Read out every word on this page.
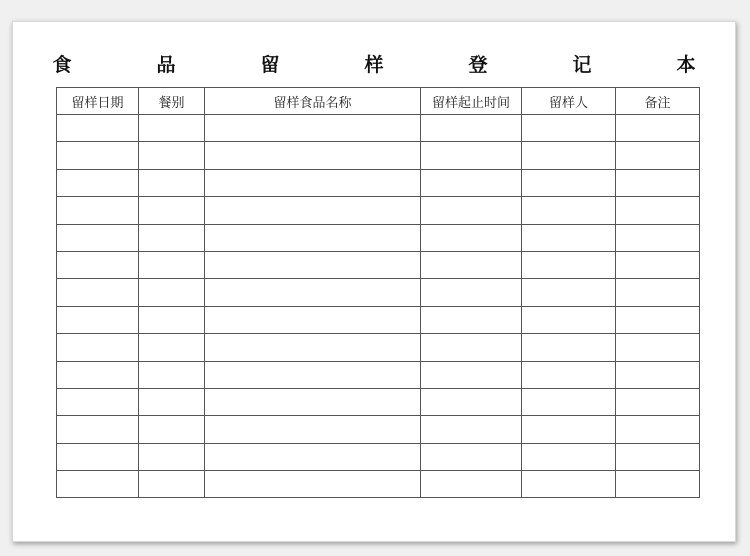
食　品　留　样　登　记　本
留样日期	餐别	留样食品名称	留样起止时间	留样人	备注
